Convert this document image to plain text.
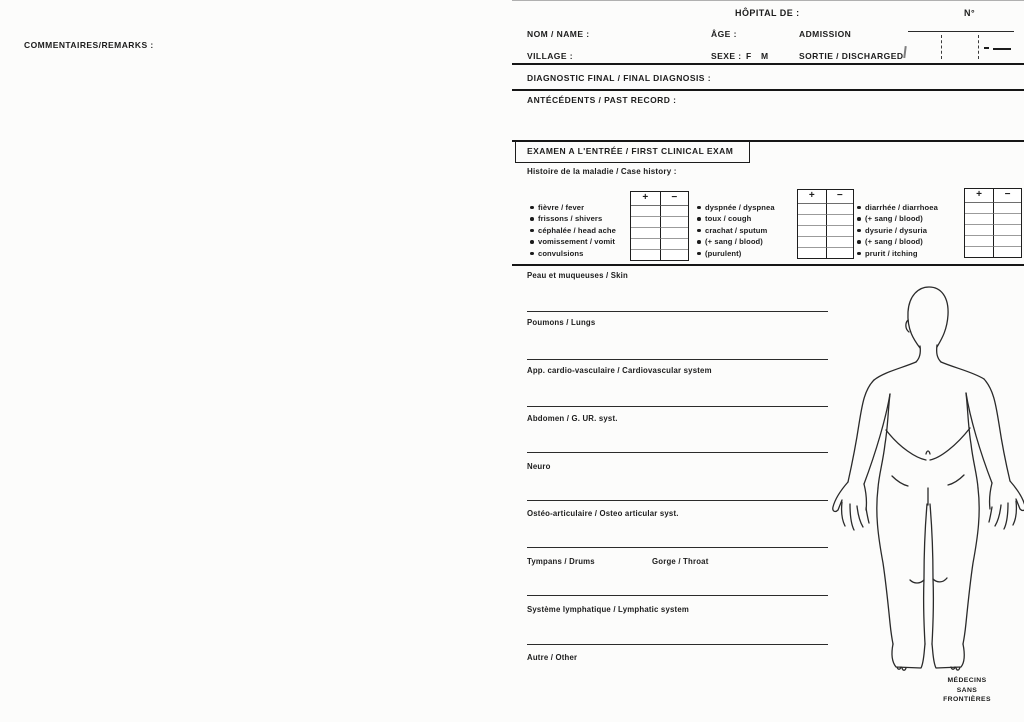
COMMENTAIRES/REMARKS :
HÔPITAL DE :	N°
NOM / NAME :	ÂGE :	ADMISSION
VILLAGE :	SEXE : F M	SORTIE / DISCHARGED
DIAGNOSTIC FINAL / FINAL DIAGNOSIS :
ANTÉCÉDENTS / PAST RECORD :
EXAMEN A L'ENTRÉE / FIRST CLINICAL EXAM
Histoire de la maladie / Case history :
fièvre / fever
frissons / shivers
céphalée / head ache
vomissement / vomit
convulsions
+	−
dyspnée / dyspnea
toux / cough
crachat / sputum
(+ sang / blood)
(purulent)
+	−
diarrhée / diarrhoea
(+ sang / blood)
dysurie / dysuria
(+ sang / blood)
prurit / itching
+	−
Peau et muqueuses / Skin
Poumons / Lungs
App. cardio-vasculaire / Cardiovascular system
Abdomen / G. UR. syst.
Neuro
Ostéo-articulaire / Osteo articular syst.
Tympans / Drums	Gorge / Throat
Système lymphatique / Lymphatic system
Autre / Other
MÉDECINS
SANS
FRONTIÈRES
